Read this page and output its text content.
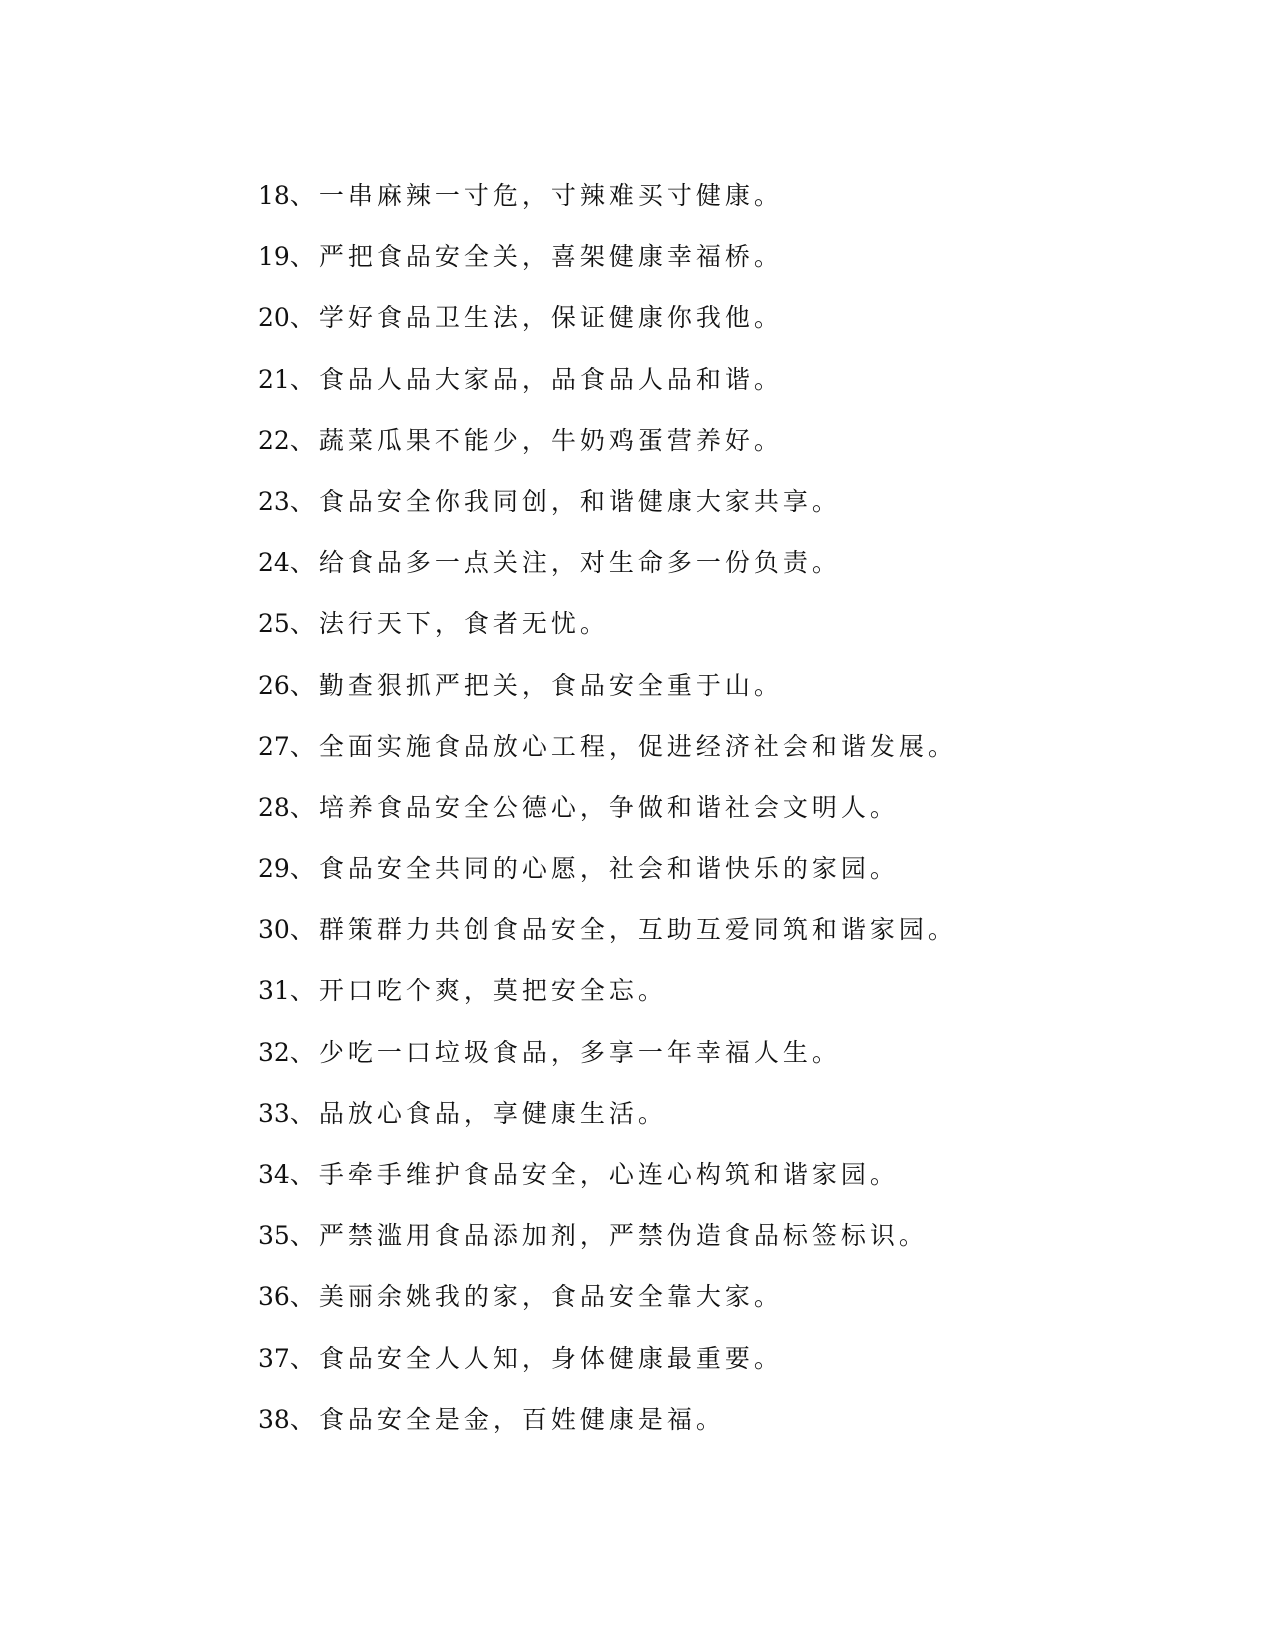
18、一串麻辣一寸危，寸辣难买寸健康。
19、严把食品安全关，喜架健康幸福桥。
20、学好食品卫生法，保证健康你我他。
21、食品人品大家品，品食品人品和谐。
22、蔬菜瓜果不能少，牛奶鸡蛋营养好。
23、食品安全你我同创，和谐健康大家共享。
24、给食品多一点关注，对生命多一份负责。
25、法行天下，食者无忧。
26、勤查狠抓严把关，食品安全重于山。
27、全面实施食品放心工程，促进经济社会和谐发展。
28、培养食品安全公德心，争做和谐社会文明人。
29、食品安全共同的心愿，社会和谐快乐的家园。
30、群策群力共创食品安全，互助互爱同筑和谐家园。
31、开口吃个爽，莫把安全忘。
32、少吃一口垃圾食品，多享一年幸福人生。
33、品放心食品，享健康生活。
34、手牵手维护食品安全，心连心构筑和谐家园。
35、严禁滥用食品添加剂，严禁伪造食品标签标识。
36、美丽余姚我的家，食品安全靠大家。
37、食品安全人人知，身体健康最重要。
38、食品安全是金，百姓健康是福。
